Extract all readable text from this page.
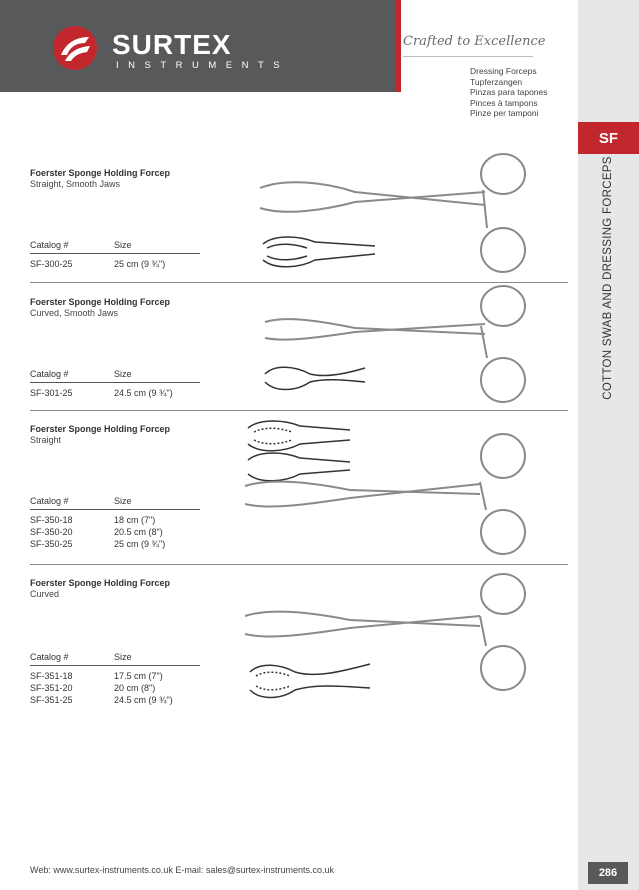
SURTEX
INSTRUMENTS
Crafted to Excellence
Dressing Forceps
Tupferzangen
Pinzas para tapones
Pinces à tampons
Pinze per tamponi
SF
COTTON SWAB AND DRESSING FORCEPS
286
Foerster Sponge Holding Forcep
Straight, Smooth Jaws
Catalog #	Size
SF-300-25	25 cm (9 ¾")
Foerster Sponge Holding Forcep
Curved, Smooth Jaws
Catalog #	Size
SF-301-25	24.5 cm (9 ¾")
Foerster Sponge Holding Forcep
Straight
Catalog #	Size
SF-350-18	18 cm (7")
SF-350-20	20.5 cm (8")
SF-350-25	25 cm (9 ¾")
Foerster Sponge Holding Forcep
Curved
Catalog #	Size
SF-351-18	17.5 cm (7")
SF-351-20	20 cm (8")
SF-351-25	24.5 cm (9 ¾")
Web: www.surtex-instruments.co.uk E-mail: sales@surtex-instruments.co.uk
